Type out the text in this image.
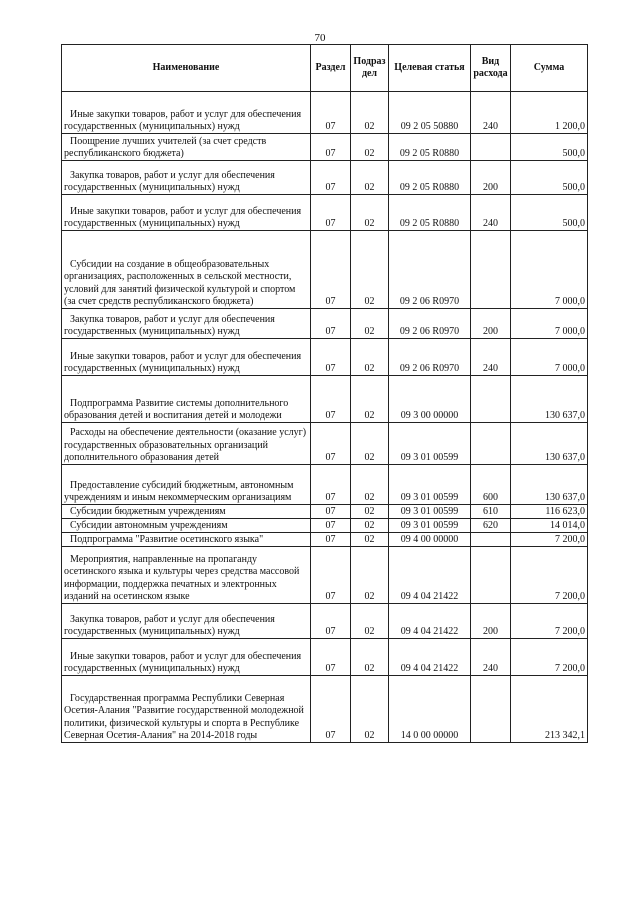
70
Наименование	Раздел	Подраз дел	Целевая статья	Вид расхода	Сумма
Иные закупки товаров, работ и услуг для обеспечения государственных (муниципальных) нужд	07	02	09 2 05 50880	240	1 200,0
Поощрение лучших учителей (за счет средств республиканского бюджета)	07	02	09 2 05 R0880		500,0
Закупка товаров, работ и услуг для обеспечения государственных (муниципальных) нужд	07	02	09 2 05 R0880	200	500,0
Иные закупки товаров, работ и услуг для обеспечения государственных (муниципальных) нужд	07	02	09 2 05 R0880	240	500,0
Субсидии на создание в общеобразовательных организациях, расположенных в сельской местности, условий для занятий физической культурой и спортом (за счет средств республиканского бюджета)	07	02	09 2 06 R0970		7 000,0
Закупка товаров, работ и услуг для обеспечения государственных (муниципальных) нужд	07	02	09 2 06 R0970	200	7 000,0
Иные закупки товаров, работ и услуг для обеспечения государственных (муниципальных) нужд	07	02	09 2 06 R0970	240	7 000,0
Подпрограмма Развитие системы дополнительного образования детей и воспитания детей и молодежи	07	02	09 3 00 00000		130 637,0
Расходы на обеспечение деятельности (оказание услуг) государственных образовательных организаций дополнительного образования детей	07	02	09 3 01 00599		130 637,0
Предоставление субсидий бюджетным, автономным учреждениям и иным некоммерческим организациям	07	02	09 3 01 00599	600	130 637,0
Субсидии бюджетным учреждениям	07	02	09 3 01 00599	610	116 623,0
Субсидии автономным учреждениям	07	02	09 3 01 00599	620	14 014,0
Подпрограмма "Развитие осетинского языка"	07	02	09 4 00 00000		7 200,0
Мероприятия, направленные на пропаганду осетинского языка и культуры через средства массовой информации, поддержка печатных и электронных изданий на осетинском языке	07	02	09 4 04 21422		7 200,0
Закупка товаров, работ и услуг для обеспечения государственных (муниципальных) нужд	07	02	09 4 04 21422	200	7 200,0
Иные закупки товаров, работ и услуг для обеспечения государственных (муниципальных) нужд	07	02	09 4 04 21422	240	7 200,0
Государственная программа Республики Северная Осетия-Алания "Развитие государственной молодежной политики, физической культуры и спорта в Республике Северная Осетия-Алания" на 2014-2018 годы	07	02	14 0 00 00000		213 342,1
